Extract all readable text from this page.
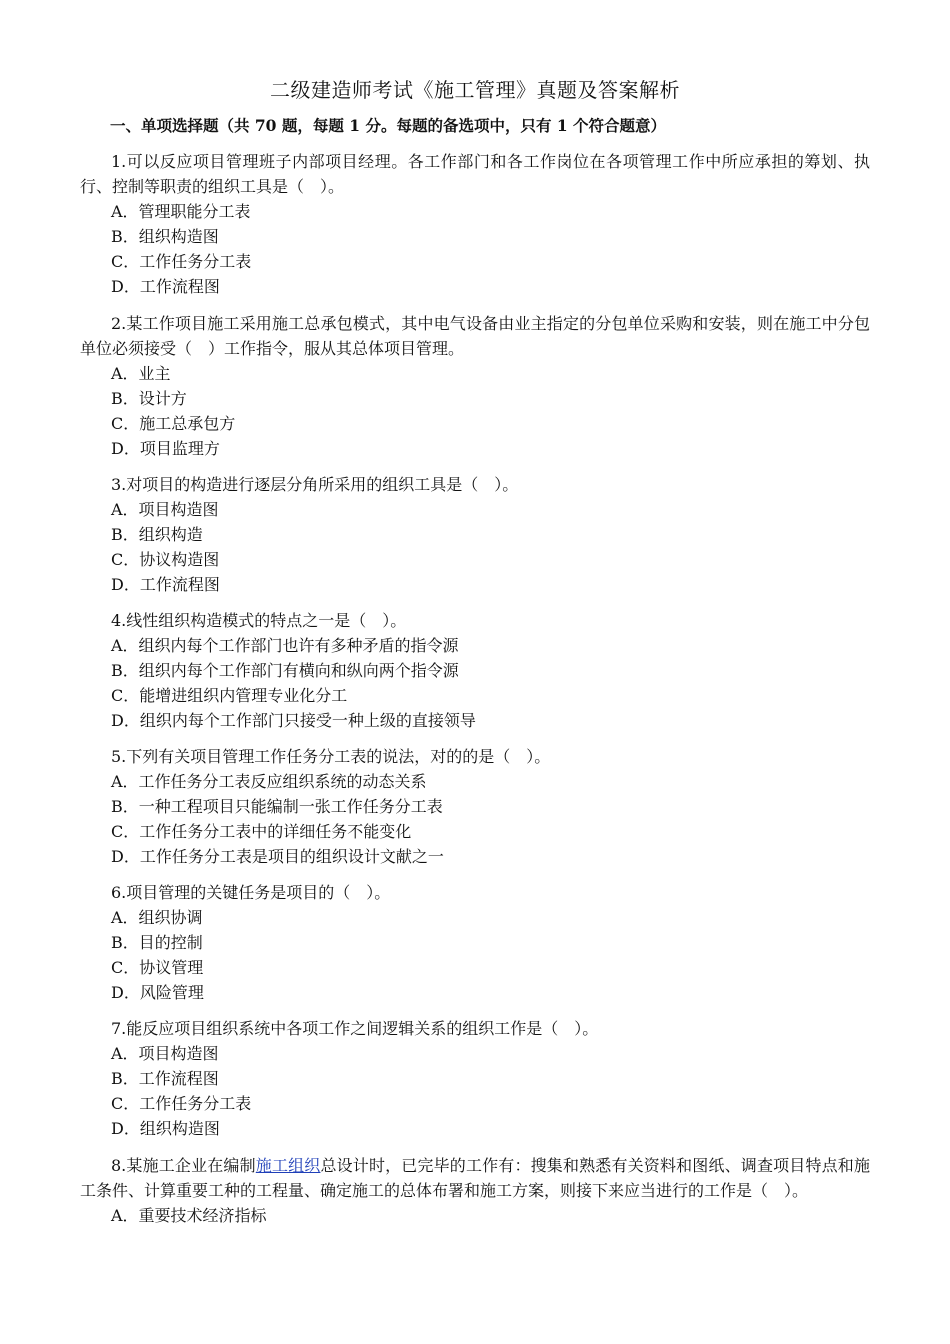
二级建造师考试《施工管理》真题及答案解析
一、单项选择题（共 70 题，每题 1 分。每题的备选项中，只有 1 个符合题意）

1.可以反应项目管理班子内部项目经理。各工作部门和各工作岗位在各项管理工作中所应承担的筹划、执行、控制等职责的组织工具是（　）。

A．管理职能分工表

B．组织构造图

C．工作任务分工表

D．工作流程图

2.某工作项目施工采用施工总承包模式，其中电气设备由业主指定的分包单位采购和安装，则在施工中分包单位必须接受（　）工作指令，服从其总体项目管理。

A．业主

B．设计方

C．施工总承包方

D．项目监理方

3.对项目的构造进行逐层分角所采用的组织工具是（　）。

A．项目构造图

B．组织构造

C．协议构造图

D．工作流程图

4.线性组织构造模式的特点之一是（　）。

A．组织内每个工作部门也许有多种矛盾的指令源

B．组织内每个工作部门有横向和纵向两个指令源

C．能增进组织内管理专业化分工

D．组织内每个工作部门只接受一种上级的直接领导

5.下列有关项目管理工作任务分工表的说法，对的的是（　）。

A．工作任务分工表反应组织系统的动态关系

B．一种工程项目只能编制一张工作任务分工表

C．工作任务分工表中的详细任务不能变化

D．工作任务分工表是项目的组织设计文献之一

6.项目管理的关键任务是项目的（　）。

A．组织协调

B．目的控制

C．协议管理

D．风险管理

7.能反应项目组织系统中各项工作之间逻辑关系的组织工作是（　）。

A．项目构造图

B．工作流程图

C．工作任务分工表

D．组织构造图

8.某施工企业在编制施工组织总设计时，已完毕的工作有：搜集和熟悉有关资料和图纸、调查项目特点和施工条件、计算重要工种的工程量、确定施工的总体布署和施工方案，则接下来应当进行的工作是（　）。

A．重要技术经济指标
